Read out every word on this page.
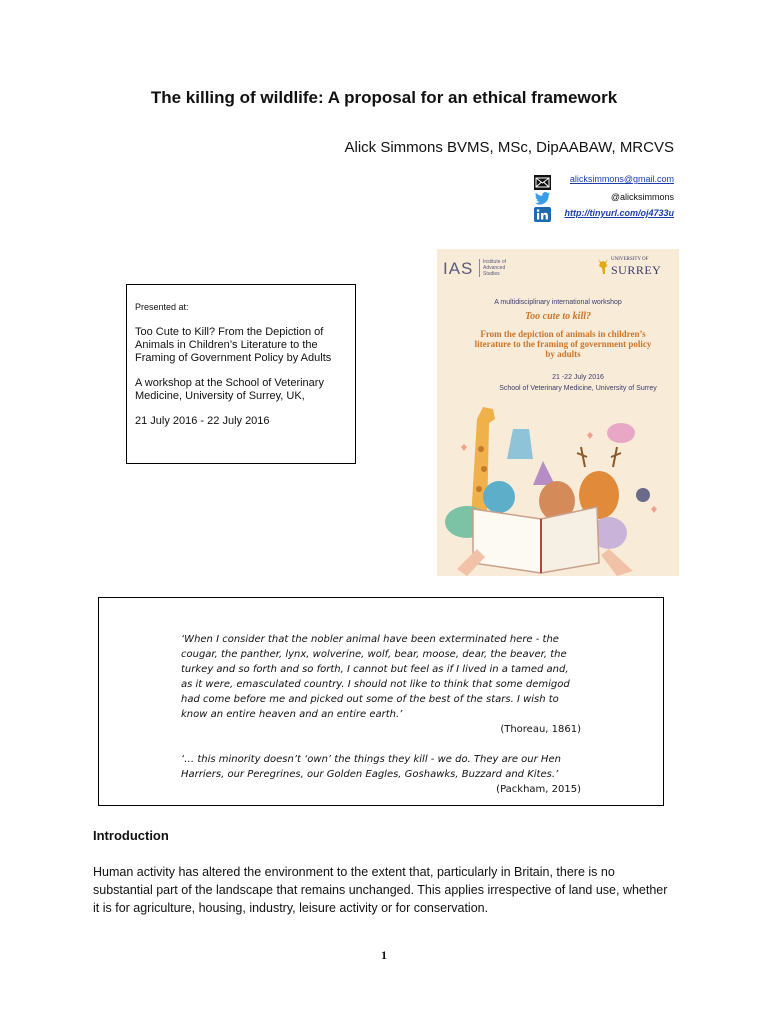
The killing of wildlife: A proposal for an ethical framework
Alick Simmons BVMS, MSc, DipAABAW, MRCVS
alicksimmons@gmail.com
@alicksimmons
http://tinyurl.com/oj4733u
Presented at:

Too Cute to Kill? From the Depiction of Animals in Children’s Literature to the Framing of Government Policy by Adults

A workshop at the School of Veterinary Medicine, University of Surrey, UK,

21 July 2016 - 22 July 2016

IAS	Institute of Advanced Studies
UNIVERSITY OF
SURREY
A multidisciplinary international workshop
Too cute to kill?
From the depiction of animals in children’s literature to the framing of government policy by adults
21 -22 July 2016
School of Veterinary Medicine, University of Surrey

‘When I consider that the nobler animal have been exterminated here - the cougar, the panther, lynx, wolverine, wolf, bear, moose, dear, the beaver, the turkey and so forth and so forth, I cannot but feel as if I lived in a tamed and, as it were, emasculated country. I should not like to think that some demigod had come before me and picked out some of the best of the stars. I wish to know an entire heaven and an entire earth.’

(Thoreau, 1861)

‘… this minority doesn’t ‘own’ the things they kill - we do. They are our Hen Harriers, our Peregrines, our Golden Eagles, Goshawks, Buzzard and Kites.’

(Packham, 2015)
Introduction
Human activity has altered the environment to the extent that, particularly in Britain, there is no substantial part of the landscape that remains unchanged. This applies irrespective of land use, whether it is for agriculture, housing, industry, leisure activity or for conservation.
1
